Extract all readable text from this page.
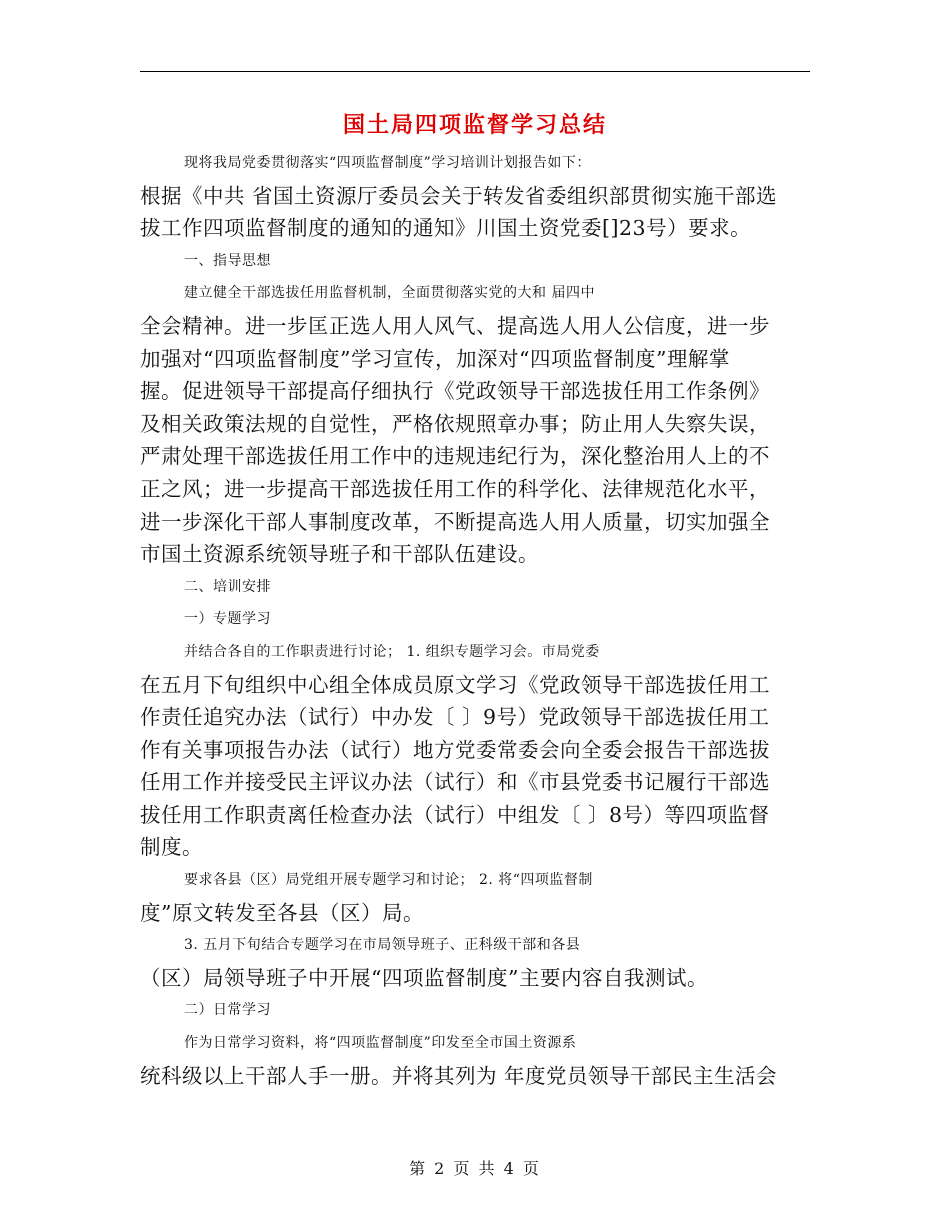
国土局四项监督学习总结
现将我局党委贯彻落实“四项监督制度”学习培训计划报告如下：
根据《中共 省国土资源厅委员会关于转发省委组织部贯彻实施干部选
拔工作四项监督制度的通知的通知》川国土资党委[]23号）要求。
一、指导思想
建立健全干部选拔任用监督机制，全面贯彻落实党的大和 届四中
全会精神。进一步匡正选人用人风气、提高选人用人公信度，进一步
加强对“四项监督制度”学习宣传，加深对“四项监督制度”理解掌
握。促进领导干部提高仔细执行《党政领导干部选拔任用工作条例》
及相关政策法规的自觉性，严格依规照章办事；防止用人失察失误，
严肃处理干部选拔任用工作中的违规违纪行为，深化整治用人上的不
正之风；进一步提高干部选拔任用工作的科学化、法律规范化水平，
进一步深化干部人事制度改革，不断提高选人用人质量，切实加强全
市国土资源系统领导班子和干部队伍建设。
二、培训安排
一）专题学习
并结合各自的工作职责进行讨论； 1. 组织专题学习会。市局党委
在五月下旬组织中心组全体成员原文学习《党政领导干部选拔任用工
作责任追究办法（试行）中办发〔 〕9号）党政领导干部选拔任用工
作有关事项报告办法（试行）地方党委常委会向全委会报告干部选拔
任用工作并接受民主评议办法（试行）和《市县党委书记履行干部选
拔任用工作职责离任检查办法（试行）中组发〔 〕8号）等四项监督
制度。
要求各县（区）局党组开展专题学习和讨论； 2. 将“四项监督制
度”原文转发至各县（区）局。
3. 五月下旬结合专题学习在市局领导班子、正科级干部和各县
（区）局领导班子中开展“四项监督制度”主要内容自我测试。
二）日常学习
作为日常学习资料，将“四项监督制度”印发至全市国土资源系
统科级以上干部人手一册。并将其列为 年度党员领导干部民主生活会
第 2 页 共 4 页
